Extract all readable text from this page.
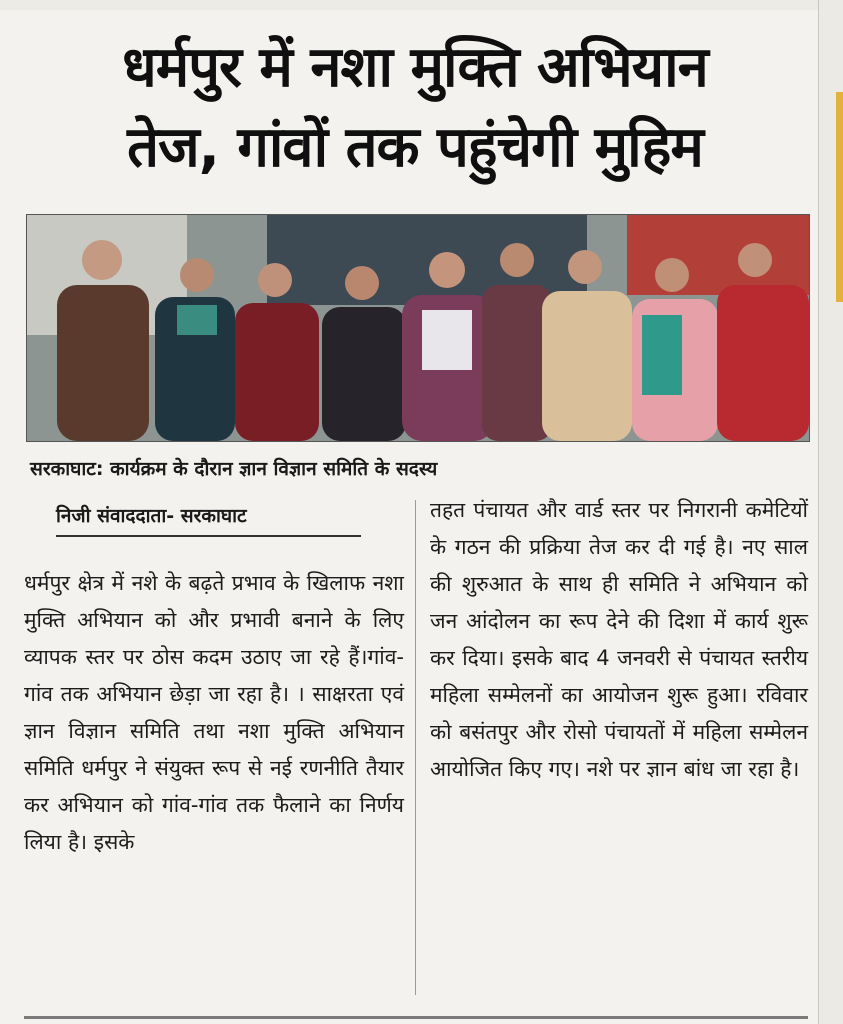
धर्मपुर में नशा मुक्ति अभियान
तेज, गांवों तक पहुंचेगी मुहिम
सरकाघाट: कार्यक्रम के दौरान ज्ञान विज्ञान समिति के सदस्य
निजी संवाददाता- सरकाघाट

धर्मपुर क्षेत्र में नशे के बढ़ते प्रभाव के खिलाफ नशा मुक्ति अभियान को और प्रभावी बनाने के लिए व्यापक स्तर पर ठोस कदम उठाए जा रहे हैं।गांव-गांव तक अभियान छेड़ा जा रहा है। । साक्षरता एवं ज्ञान विज्ञान समिति तथा नशा मुक्ति अभियान समिति धर्मपुर ने संयुक्त रूप से नई रणनीति तैयार कर अभियान को गांव-गांव तक फैलाने का निर्णय लिया है। इसके

तहत पंचायत और वार्ड स्तर पर निगरानी कमेटियों के गठन की प्रक्रिया तेज कर दी गई है। नए साल की शुरुआत के साथ ही समिति ने अभियान को जन आंदोलन का रूप देने की दिशा में कार्य शुरू कर दिया। इसके बाद 4 जनवरी से पंचायत स्तरीय महिला सम्मेलनों का आयोजन शुरू हुआ। रविवार को बसंतपुर और रोसो पंचायतों में महिला सम्मेलन आयोजित किए गए। नशे पर ज्ञान बांध जा रहा है।
